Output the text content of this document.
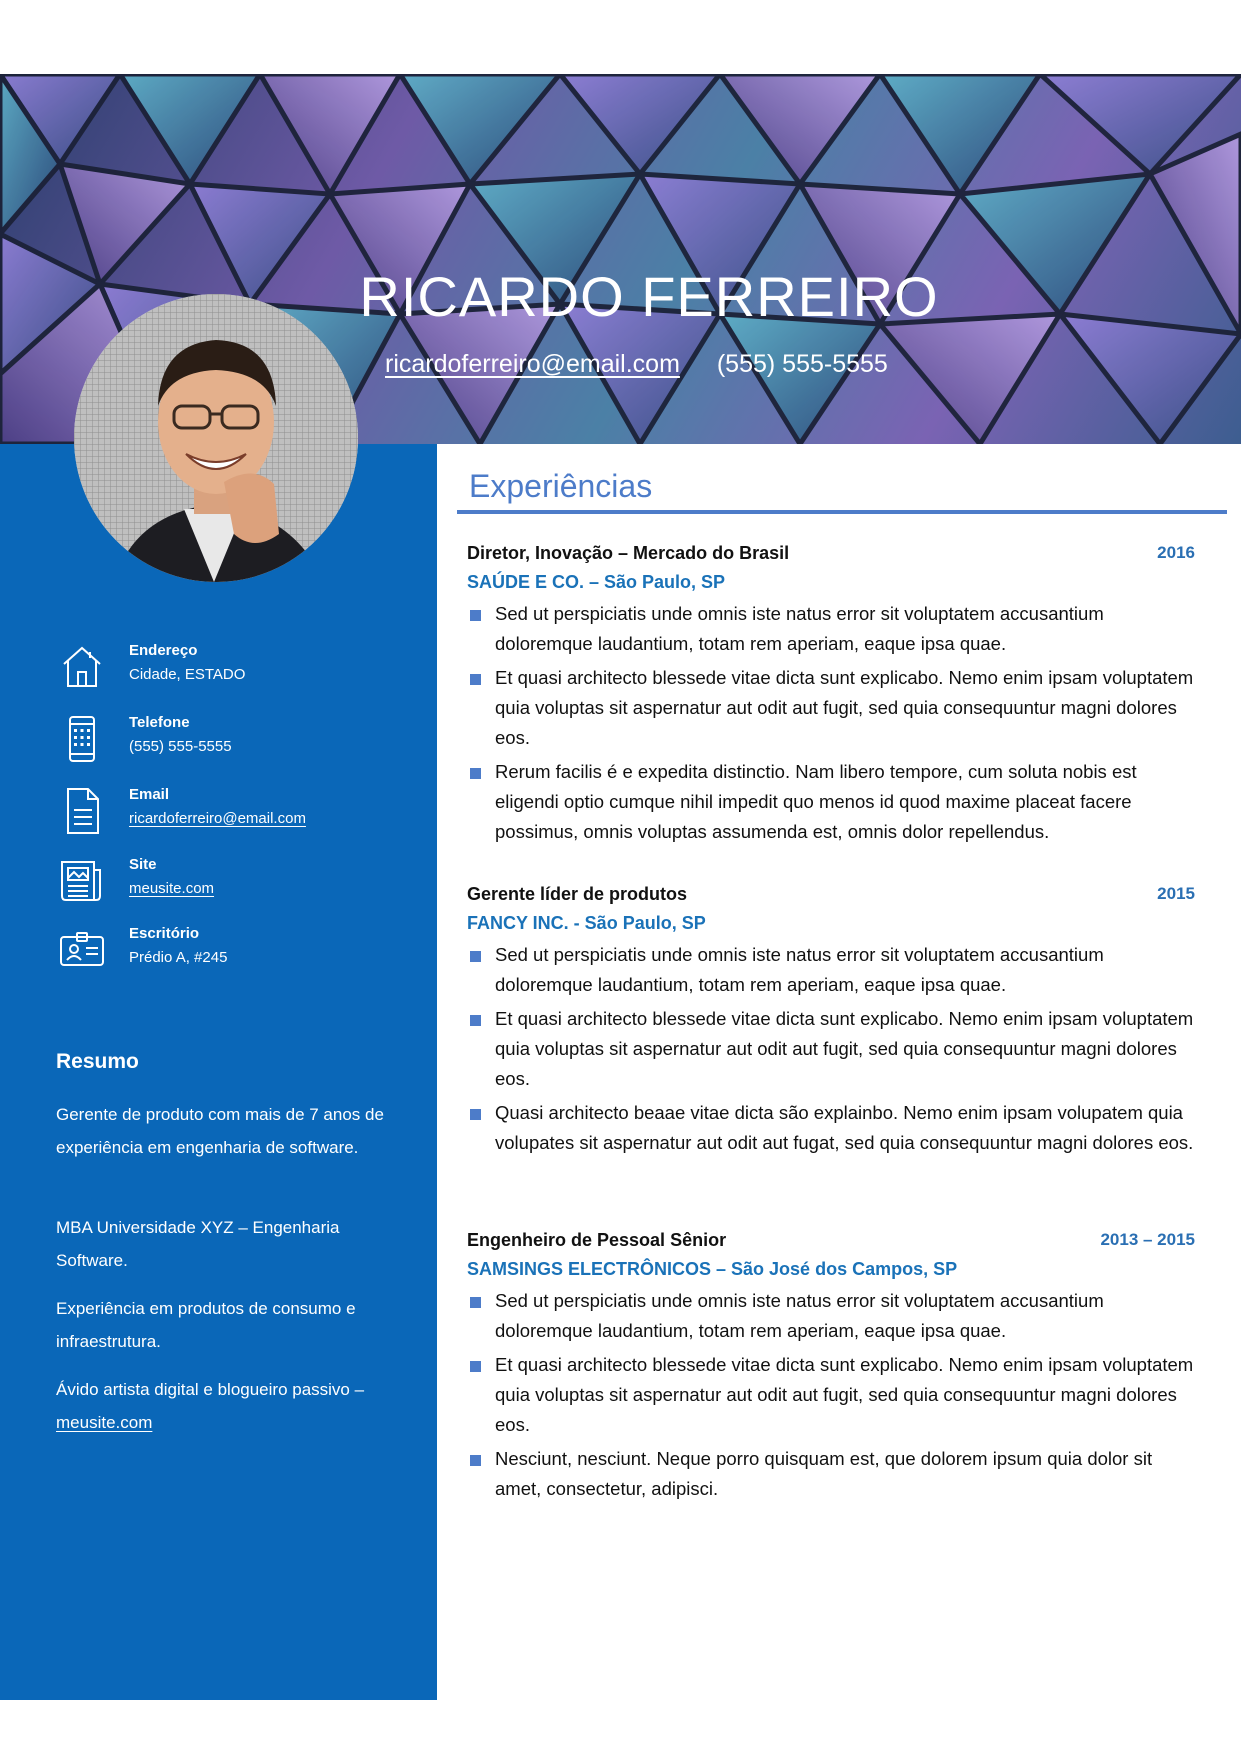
RICARDO FERREIRO
ricardoferreiro@email.com (555) 555-5555
Endereço
Cidade, ESTADO
Telefone
(555) 555-5555
Email
ricardoferreiro@email.com
Site
meusite.com
Escritório
Prédio A, #245
Resumo
Gerente de produto com mais de 7 anos de experiência em engenharia de software.
MBA Universidade XYZ – Engenharia Software.
Experiência em produtos de consumo e infraestrutura.
Ávido artista digital e blogueiro passivo – meusite.com
Experiências
Diretor, Inovação – Mercado do Brasil	2016
SAÚDE E CO. – São Paulo, SP
Sed ut perspiciatis unde omnis iste natus error sit voluptatem accusantium doloremque laudantium, totam rem aperiam, eaque ipsa quae.
Et quasi architecto blessede vitae dicta sunt explicabo. Nemo enim ipsam voluptatem quia voluptas sit aspernatur aut odit aut fugit, sed quia consequuntur magni dolores eos.
Rerum facilis é e expedita distinctio. Nam libero tempore, cum soluta nobis est eligendi optio cumque nihil impedit quo menos id quod maxime placeat facere possimus, omnis voluptas assumenda est, omnis dolor repellendus.
Gerente líder de produtos	2015
FANCY INC. - São Paulo, SP
Sed ut perspiciatis unde omnis iste natus error sit voluptatem accusantium doloremque laudantium, totam rem aperiam, eaque ipsa quae.
Et quasi architecto blessede vitae dicta sunt explicabo. Nemo enim ipsam voluptatem quia voluptas sit aspernatur aut odit aut fugit, sed quia consequuntur magni dolores eos.
Quasi architecto beaae vitae dicta são explainbo. Nemo enim ipsam volupatem quia volupates sit aspernatur aut odit aut fugat, sed quia consequuntur magni dolores eos.
Engenheiro de Pessoal Sênior	2013 – 2015
SAMSINGS ELECTRÔNICOS – São José dos Campos, SP
Sed ut perspiciatis unde omnis iste natus error sit voluptatem accusantium doloremque laudantium, totam rem aperiam, eaque ipsa quae.
Et quasi architecto blessede vitae dicta sunt explicabo. Nemo enim ipsam voluptatem quia voluptas sit aspernatur aut odit aut fugit, sed quia consequuntur magni dolores eos.
Nesciunt, nesciunt. Neque porro quisquam est, que dolorem ipsum quia dolor sit amet, consectetur, adipisci.
